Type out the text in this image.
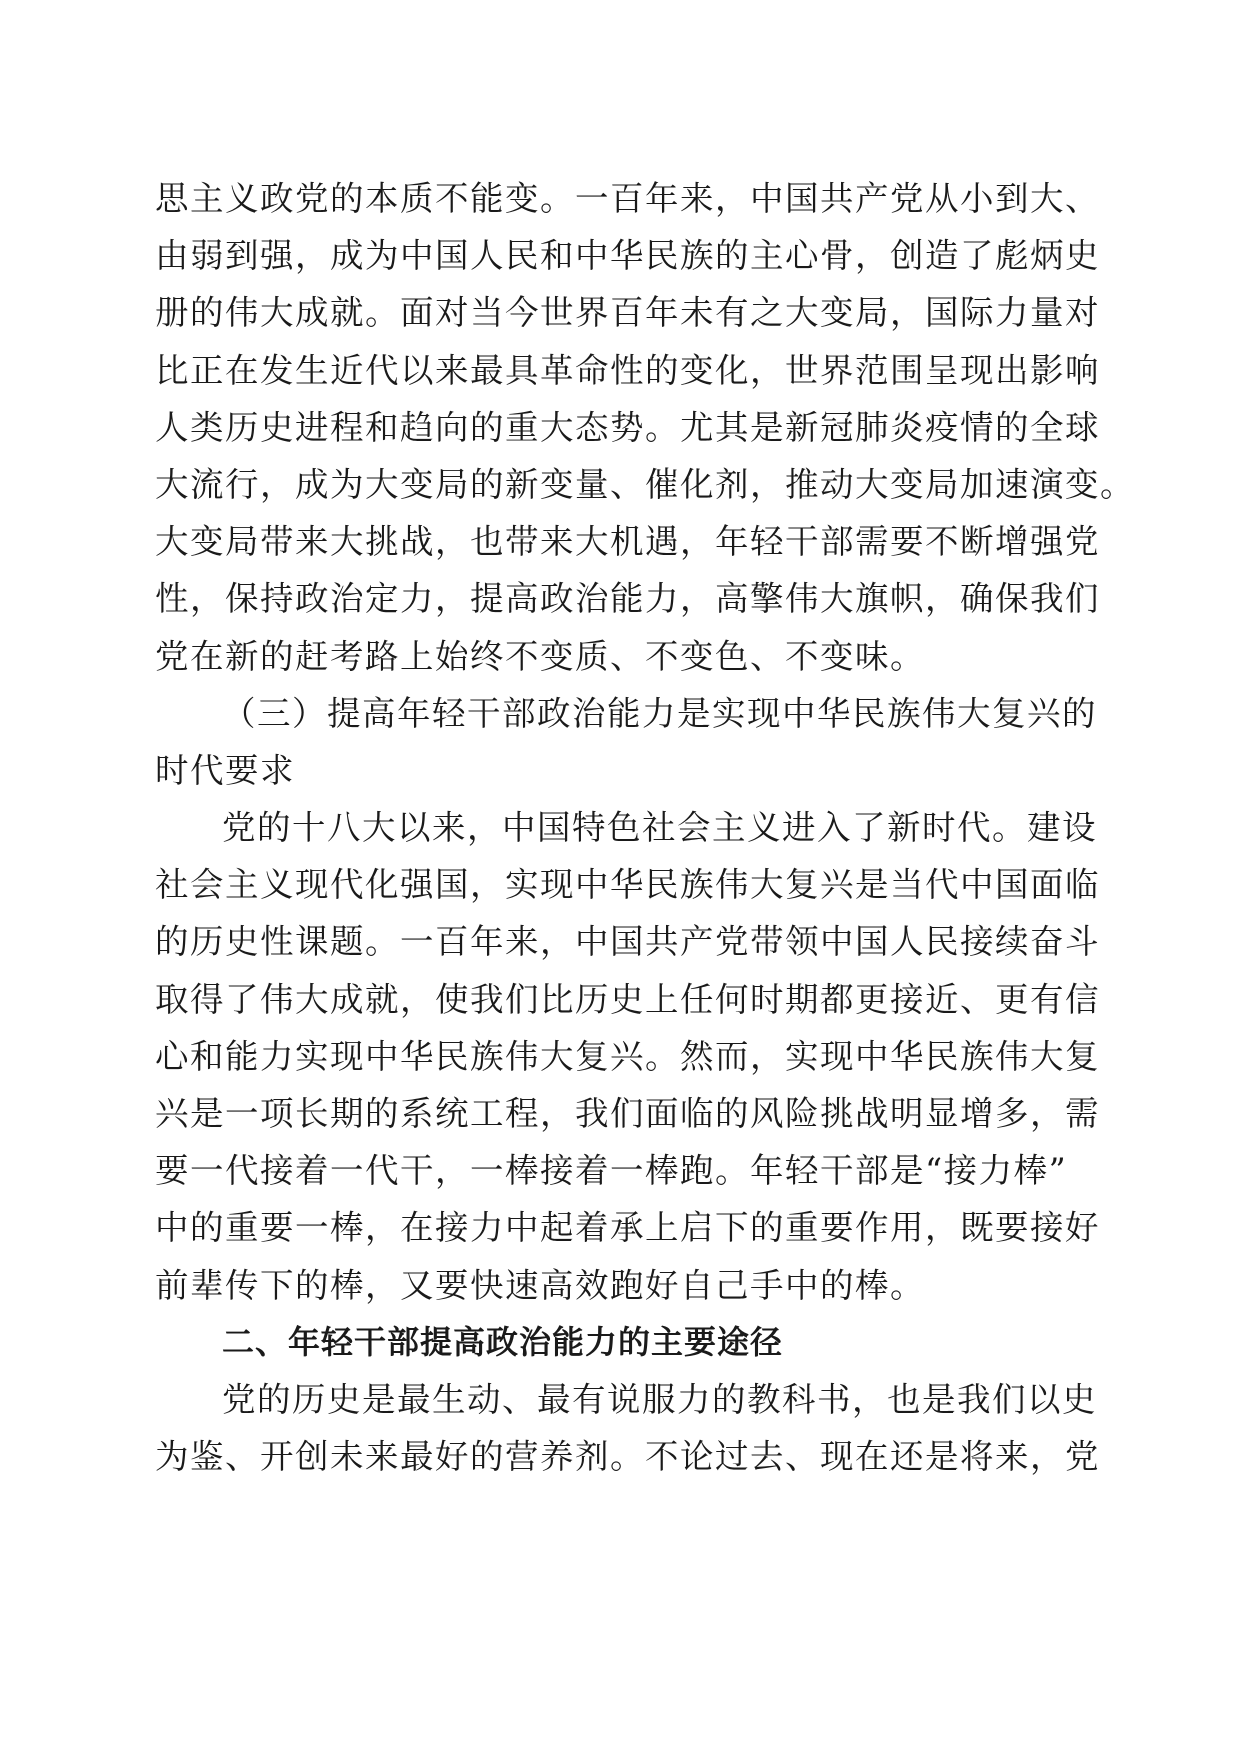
思主义政党的本质不能变。一百年来，中国共产党从小到大、
由弱到强，成为中国人民和中华民族的主心骨，创造了彪炳史
册的伟大成就。面对当今世界百年未有之大变局，国际力量对
比正在发生近代以来最具革命性的变化，世界范围呈现出影响
人类历史进程和趋向的重大态势。尤其是新冠肺炎疫情的全球
大流行，成为大变局的新变量、催化剂，推动大变局加速演变。
大变局带来大挑战，也带来大机遇，年轻干部需要不断增强党
性，保持政治定力，提高政治能力，高擎伟大旗帜，确保我们
党在新的赶考路上始终不变质、不变色、不变味。
（三）提高年轻干部政治能力是实现中华民族伟大复兴的
时代要求
党的十八大以来，中国特色社会主义进入了新时代。建设
社会主义现代化强国，实现中华民族伟大复兴是当代中国面临
的历史性课题。一百年来，中国共产党带领中国人民接续奋斗
取得了伟大成就，使我们比历史上任何时期都更接近、更有信
心和能力实现中华民族伟大复兴。然而，实现中华民族伟大复
兴是一项长期的系统工程，我们面临的风险挑战明显增多，需
要一代接着一代干，一棒接着一棒跑。年轻干部是“接力棒”
中的重要一棒，在接力中起着承上启下的重要作用，既要接好
前辈传下的棒，又要快速高效跑好自己手中的棒。
二、年轻干部提高政治能力的主要途径
党的历史是最生动、最有说服力的教科书，也是我们以史
为鉴、开创未来最好的营养剂。不论过去、现在还是将来，党
